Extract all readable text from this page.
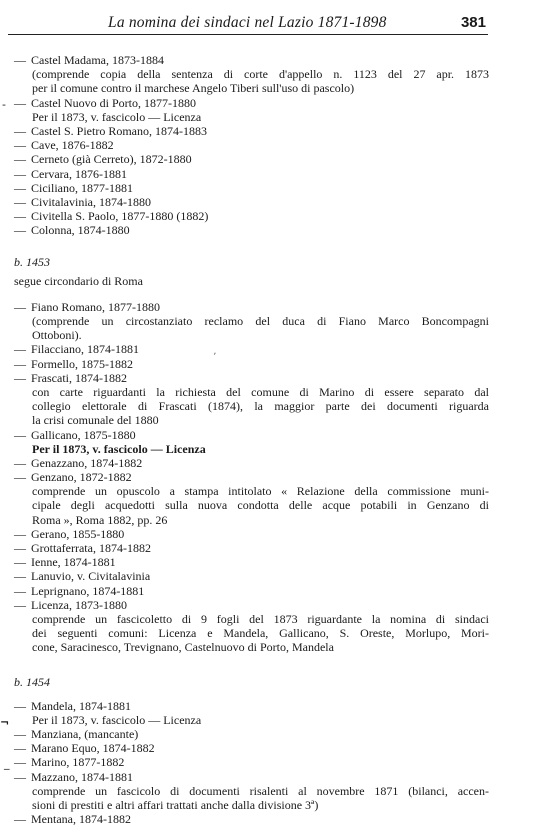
La nomina dei sindaci nel Lazio 1871-1898	381
— Castel Madama, 1873-1884
(comprende copia della sentenza di corte d'appello n. 1123 del 27 apr. 1873
per il comune contro il marchese Angelo Tiberi sull'uso di pascolo)
— Castel Nuovo di Porto, 1877-1880
Per il 1873, v. fascicolo — Licenza
— Castel S. Pietro Romano, 1874-1883
— Cave, 1876-1882
— Cerneto (già Cerreto), 1872-1880
— Cervara, 1876-1881
— Ciciliano, 1877-1881
— Civitalavinia, 1874-1880
— Civitella S. Paolo, 1877-1880 (1882)
— Colonna, 1874-1880
b. 1453
segue circondario di Roma
— Fiano Romano, 1877-1880
(comprende un circostanziato reclamo del duca di Fiano Marco Boncompagni
Ottoboni).
— Filacciano, 1874-1881
— Formello, 1875-1882
— Frascati, 1874-1882
con carte riguardanti la richiesta del comune di Marino di essere separato dal
collegio elettorale di Frascati (1874), la maggior parte dei documenti riguarda
la crisi comunale del 1880
— Gallicano, 1875-1880
Per il 1873, v. fascicolo — Licenza
— Genazzano, 1874-1882
— Genzano, 1872-1882
comprende un opuscolo a stampa intitolato « Relazione della commissione muni-
cipale degli acquedotti sulla nuova condotta delle acque potabili in Genzano di
Roma », Roma 1882, pp. 26
— Gerano, 1855-1880
— Grottaferrata, 1874-1882
— Ienne, 1874-1881
— Lanuvio, v. Civitalavinia
— Leprignano, 1874-1881
— Licenza, 1873-1880
comprende un fascicoletto di 9 fogli del 1873 riguardante la nomina di sindaci
dei seguenti comuni: Licenza e Mandela, Gallicano, S. Oreste, Morlupo, Mori-
cone, Saracinesco, Trevignano, Castelnuovo di Porto, Mandela
b. 1454
— Mandela, 1874-1881
Per il 1873, v. fascicolo — Licenza
— Manziana, (mancante)
— Marano Equo, 1874-1882
— Marino, 1877-1882
— Mazzano, 1874-1881
comprende un fascicolo di documenti risalenti al novembre 1871 (bilanci, accen-
sioni di prestiti e altri affari trattati anche dalla divisione 3ª)
— Mentana, 1874-1882
‐
¬
_
ʹ
